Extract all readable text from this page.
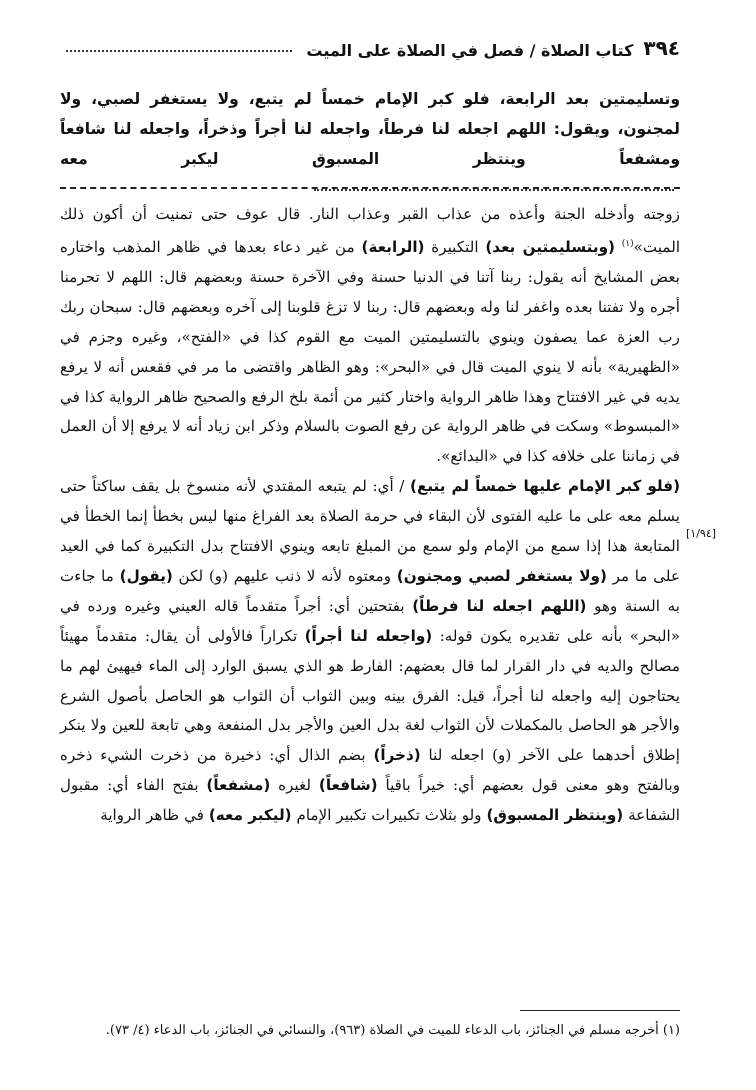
٣٩٤
كتاب الصلاة / فصل في الصلاة على الميت

وتسليمتين بعد الرابعة، فلو كبر الإمام خمساً لم يتبع، ولا يستغفر لصبي، ولا لمجنون، ويقول: اللهم اجعله لنا فرطاً، واجعله لنا أجراً وذخراً، واجعله لنا شافعاً ومشفعاً وينتظر المسبوق ليكبر معه

زوجته وأدخله الجنة وأعذه من عذاب القبر وعذاب النار. قال عوف حتى تمنيت أن أكون ذلك الميت»$^{(١)}$ (وبتسليمتين بعد) التكبيرة (الرابعة) من غير دعاء بعدها في ظاهر المذهب واختاره بعض المشايخ أنه يقول: ربنا آتنا في الدنيا حسنة وفي الآخرة حسنة وبعضهم قال: اللهم لا تحرمنا أجره ولا تفتنا بعده واغفر لنا وله وبعضهم قال: ربنا لا تزغ قلوبنا إلى آخره وبعضهم قال: سبحان ربك رب العزة عما يصفون وينوي بالتسليمتين الميت مع القوم كذا في «الفتح»، وغيره وجزم في «الظهيرية» بأنه لا ينوي الميت قال في «البحر»: وهو الظاهر واقتضى ما مر في فقعس أنه لا يرفع يديه في غير الافتتاح وهذا ظاهر الرواية واختار كثير من أئمة بلخ الرفع والصحيح ظاهر الرواية كذا في «المبسوط» وسكت في ظاهر الرواية عن رفع الصوت بالسلام وذكر ابن زياد أنه لا يرفع إلا أن العمل في زماننا على خلافه كذا في «البدائع».

(فلو كبر الإمام عليها خمساً لم يتبع) / أي: لم يتبعه المقتدي لأنه منسوخ بل يقف ساكتاً حتى يسلم معه على ما عليه الفتوى لأن البقاء في حرمة الصلاة بعد الفراغ منها ليس بخطأ إنما الخطأ في المتابعة هذا إذا سمع من الإمام ولو سمع من المبلغ تابعه وينوي الافتتاح بدل التكبيرة كما في العيد على ما مر (ولا يستغفر لصبي ومجنون) ومعتوه لأنه لا ذنب عليهم (و) لكن (يقول) ما جاءت به السنة وهو (اللهم اجعله لنا فرطاً) بفتحتين أي: أجراً متقدماً قاله العيني وغيره ورده في «البحر» بأنه على تقديره يكون قوله: (واجعله لنا أجراً) تكراراً فالأولى أن يقال: متقدماً مهيئاً مصالح والديه في دار القرار لما قال بعضهم: الفارط هو الذي يسبق الوارد إلى الماء فيهيئ لهم ما يحتاجون إليه واجعله لنا أجراً، قيل: الفرق بينه وبين الثواب أن الثواب هو الحاصل بأصول الشرع والأجر هو الحاصل بالمكملات لأن الثواب لغة بدل العين والأجر بدل المنفعة وهي تابعة للعين ولا ينكر إطلاق أحدهما على الآخر (و) اجعله لنا (ذخراً) بضم الذال أي: ذخيرة من ذخرت الشيء ذخره وبالفتح وهو معنى قول بعضهم أي: خيراً باقياً (شافعاً) لغيره (مشفعاً) بفتح الفاء أي: مقبول الشفاعة (وينتظر المسبوق) ولو بثلاث تكبيرات تكبير الإمام (ليكبر معه) في ظاهر الرواية

[١/٩٤]

(١) أخرجه مسلم في الجنائز، باب الدعاء للميت في الصلاة (٩٦٣)، والنسائي في الجنائز، باب الدعاء (٤/ ٧٣).
